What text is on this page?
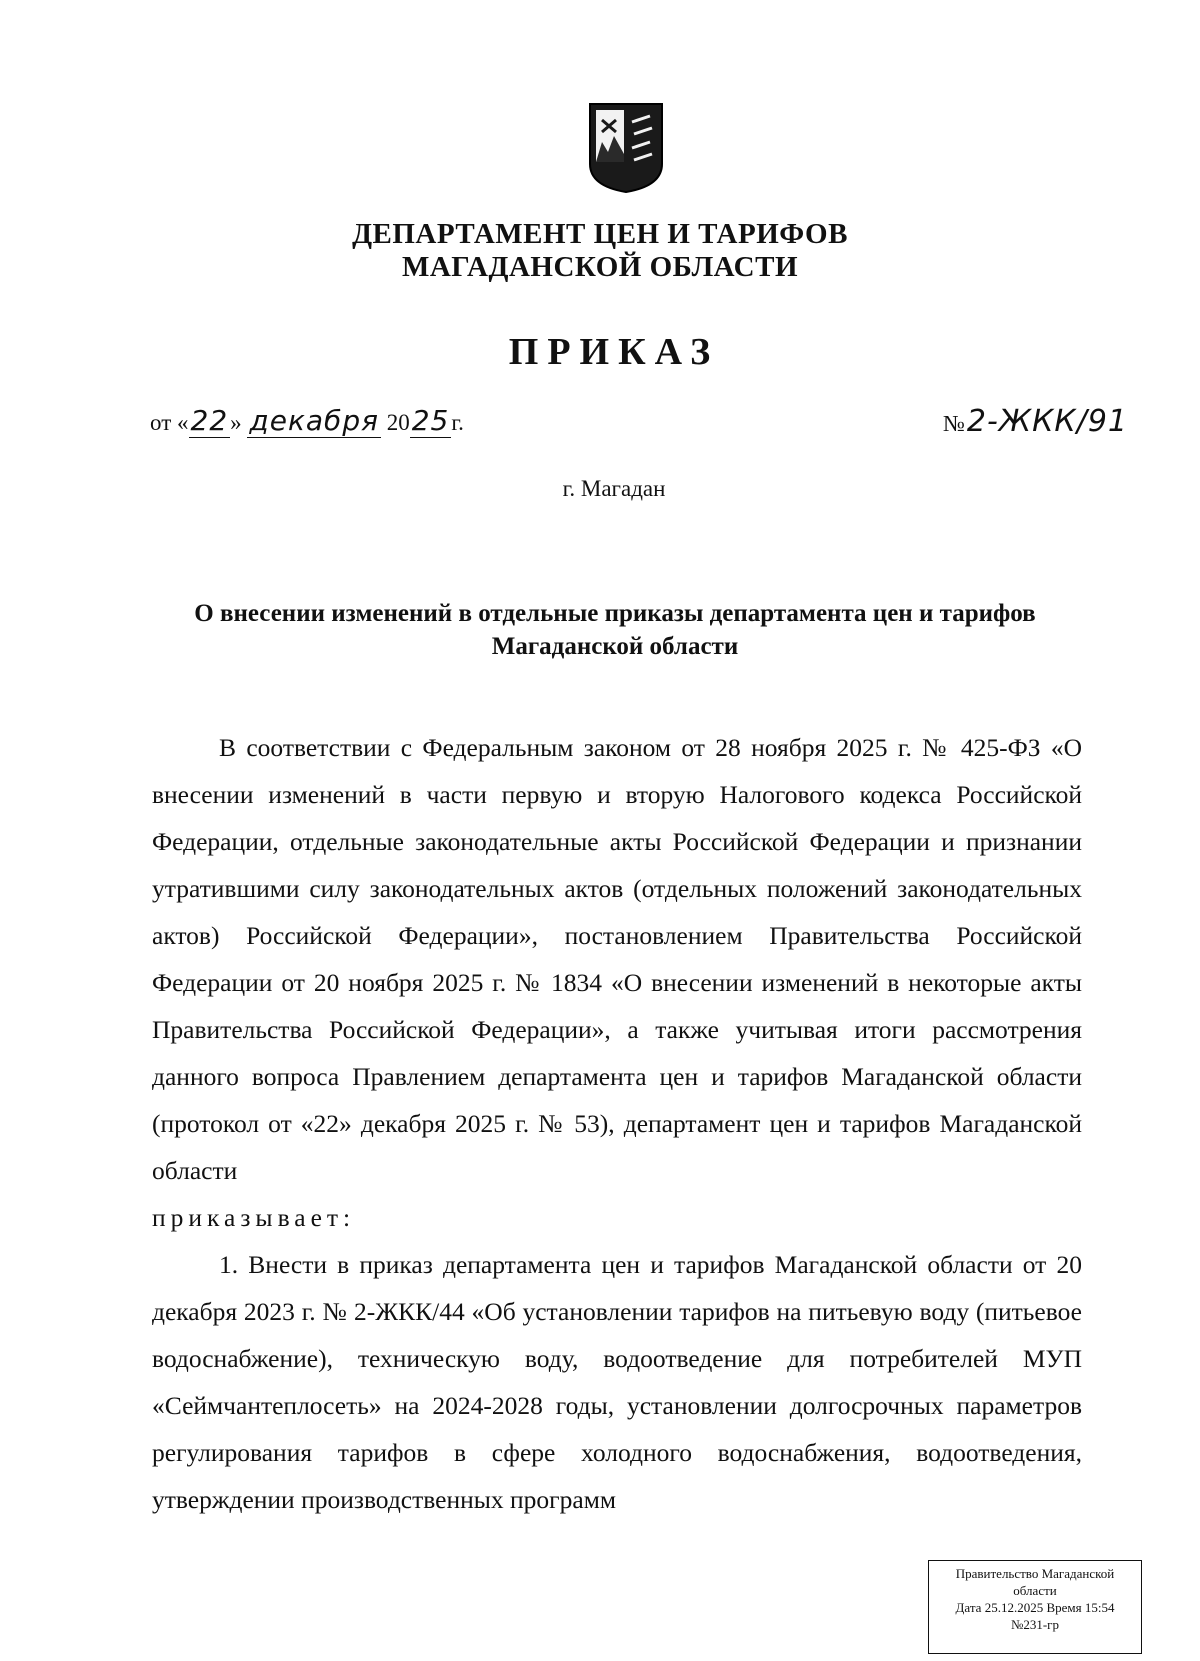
ДЕПАРТАМЕНТ ЦЕН И ТАРИФОВ
МАГАДАНСКОЙ ОБЛАСТИ
ПРИКАЗ
от «22» декабря 2025г.	№2-ЖКК/91
г. Магадан
О внесении изменений в отдельные приказы департамента цен и тарифов Магаданской области

В соответствии с Федеральным законом от 28 ноября 2025 г. № 425-ФЗ «О внесении изменений в части первую и вторую Налогового кодекса Российской Федерации, отдельные законодательные акты Российской Федерации и признании утратившими силу законодательных актов (отдельных положений законодательных актов) Российской Федерации», постановлением Правительства Российской Федерации от 20 ноября 2025 г. № 1834 «О внесении изменений в некоторые акты Правительства Российской Федерации», а также учитывая итоги рассмотрения данного вопроса Правлением департамента цен и тарифов Магаданской области (протокол от «22» декабря 2025 г. № 53), департамент цен и тарифов Магаданской области

приказывает:

1. Внести в приказ департамента цен и тарифов Магаданской области от 20 декабря 2023 г. № 2-ЖКК/44 «Об установлении тарифов на питьевую воду (питьевое водоснабжение), техническую воду, водоотведение для потребителей МУП «Сеймчантеплосеть» на 2024-2028 годы, установлении долгосрочных параметров регулирования тарифов в сфере холодного водоснабжения, водоотведения, утверждении производственных программ

Правительство Магаданской
области
Дата 25.12.2025 Время 15:54
№231-гр
